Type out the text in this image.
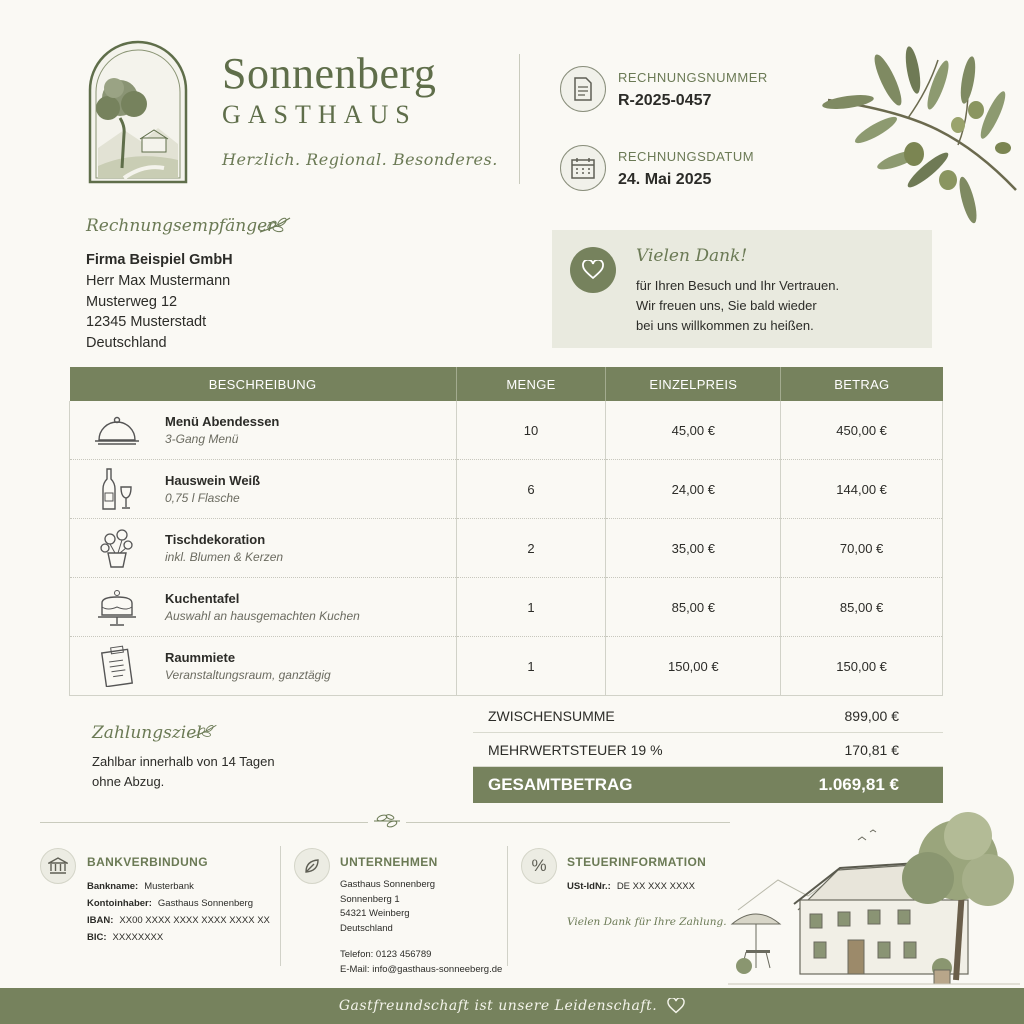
Sonnenberg
GASTHAUS
Herzlich. Regional. Besonderes.
RECHNUNGSNUMMER
R-2025-0457
RECHNUNGSDATUM
24. Mai 2025
Rechnungsempfänger
Firma Beispiel GmbH
Herr Max Mustermann
Musterweg 12
12345 Musterstadt
Deutschland
Vielen Dank!
für Ihren Besuch und Ihr Vertrauen.
Wir freuen uns, Sie bald wieder
bei uns willkommen zu heißen.
BESCHREIBUNG	MENGE	EINZELPREIS	BETRAG

Menü Abendessen
3-Gang Menü	10	45,00 €	450,00 €

Hauswein Weiß
0,75 l Flasche	6	24,00 €	144,00 €

Tischdekoration
inkl. Blumen & Kerzen	2	35,00 €	70,00 €

Kuchentafel
Auswahl an hausgemachten Kuchen	1	85,00 €	85,00 €

Raummiete
Veranstaltungsraum, ganztägig	1	150,00 €	150,00 €
ZWISCHENSUMME	899,00 €
MEHRWERTSTEUER 19 %	170,81 €
GESAMTBETRAG	1.069,81 €
Zahlungsziel
Zahlbar innerhalb von 14 Tagen
ohne Abzug.
BANKVERBINDUNG
Bankname: Musterbank
Kontoinhaber: Gasthaus Sonnenberg
IBAN: XX00 XXXX XXXX XXXX XXXX XX
BIC: XXXXXXXX
UNTERNEHMEN
Gasthaus Sonnenberg
Sonnenberg 1
54321 Weinberg
Deutschland
Telefon: 0123 456789
E-Mail: info@gasthaus-sonneeberg.de
% STEUERINFORMATION
USt-IdNr.: DE XX XXX XXXX
Vielen Dank für Ihre Zahlung.
Gastfreundschaft ist unsere Leidenschaft.
